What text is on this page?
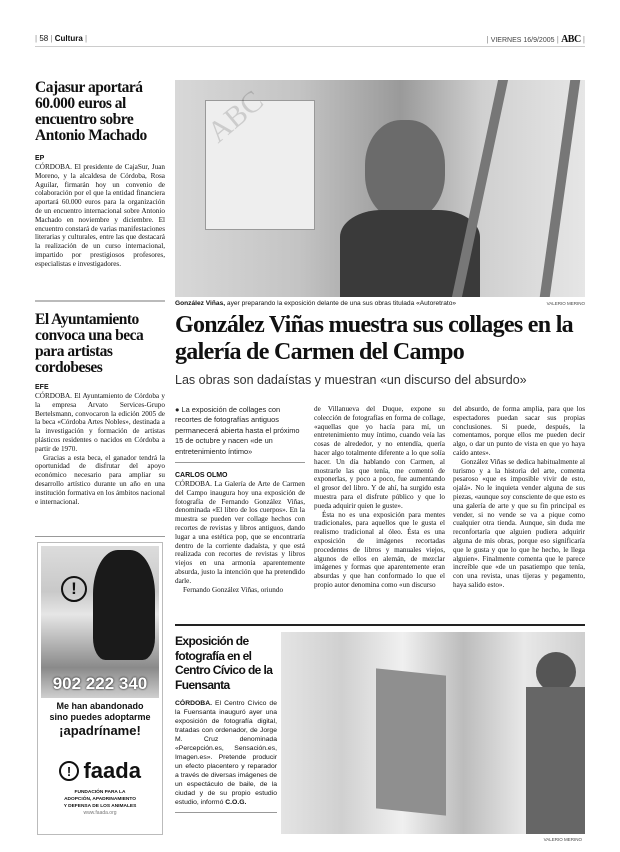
| 58 | Cultura |	| VIERNES 16/9/2005 | ABC |
Cajasur aportará 60.000 euros al encuentro sobre Antonio Machado
EP

CÓRDOBA. El presidente de CajaSur, Juan Moreno, y la alcaldesa de Córdoba, Rosa Aguilar, firmarán hoy un convenio de colaboración por el que la entidad financiera aportará 60.000 euros para la organización de un encuentro internacional sobre Antonio Machado en noviembre y diciembre. El encuentro constará de varias manifestaciones literarias y culturales, entre las que destacará la realización de un curso internacional, impartido por prestigiosos profesores, especialistas e investigadores.

El Ayuntamiento convoca una beca para artistas cordobeses
EFE

CÓRDOBA. El Ayuntamiento de Córdoba y la empresa Arvato Services-Grupo Bertelsmann, convocaron la edición 2005 de la beca «Córdoba Artes Nobles», destinada a la investigación y formación de artistas plásticos residentes o nacidos en Córdoba a partir de 1970.

Gracias a esta beca, el ganador tendrá la oportunidad de disfrutar del apoyo económico necesario para ampliar su desarrollo artístico durante un año en una institución formativa en los ámbitos nacional e internacional.

!
902 222 340
Me han abandonado
sino puedes adoptarme
¡apadríname!
! faada
FUNDACIÓN PARA LA
ADOPCIÓN, APADRINAMIENTO
Y DEFENSA DE LOS ANIMALES
www.faada.org
González Viñas, ayer preparando la exposición delante de una sus obras titulada «Autoretrato»	VALERIO MERINO
González Viñas muestra sus collages en la galería de Carmen del Campo
Las obras son dadaístas y muestran «un discurso del absurdo»
● La exposición de collages con recortes de fotografías antiguos permanecerá abierta hasta el próximo 15 de octubre y nacen «de un entretenimiento íntimo»
CARLOS OLMO

CÓRDOBA. La Galería de Arte de Carmen del Campo inaugura hoy una exposición de fotografía de Fernando González Viñas, denominada «El libro de los cuerpos». En la muestra se pueden ver collage hechos con recortes de revistas y libros antiguos, dando lugar a una estética pop, que se encontraría dentro de la corriente dadaísta, y que está realizada con recortes de revistas y libros viejos en una armonía aparentemente absurda, justo la intención que ha pretendido darle.

Fernando González Viñas, oriundo

de Villanueva del Duque, expone su colección de fotografías en forma de collage, «aquellas que yo hacía para mí, un entretenimiento muy íntimo, cuando veía las cosas de alrededor, y no entendía, quería hacer algo totalmente diferente a lo que solía hacer. Un día hablando con Carmen, al mostrarle las que tenía, me comentó de exponerlas, y poco a poco, fue aumentando el grosor del libro. Y de ahí, ha surgido esta muestra para el disfrute público y que lo pueda adquirir quien le guste».

Ésta no es una exposición para mentes tradicionales, para aquellos que le gusta el realismo tradicional al óleo. Ésta es una exposición de imágenes recortadas procedentes de libros y manuales viejos, algunos de ellos en alemán, de mezclar imágenes y formas que aparentemente eran absurdas y que han conformado lo que el propio autor denomina como «un discurso

del absurdo, de forma amplia, para que los espectadores puedan sacar sus propias conclusiones. Si puede, después, la comentamos, porque ellos me pueden decir algo, o dar un punto de vista en que yo haya caído antes».

González Viñas se dedica habitualmente al turismo y a la historia del arte, comenta pesaroso «que es imposible vivir de esto, ojalá». No le inquieta vender alguna de sus piezas, «aunque soy consciente de que esto es una galería de arte y que su fin principal es vender, si no vende se va a pique como cualquier otra tienda. Aunque, sin duda me reconfortaría que alguien pudiera adquirir alguna de mis obras, porque eso significaría que le gusta y que lo que he hecho, le llega alguien». Finalmente comenta que le parece increíble que «de un pasatiempo que tenía, con una revista, unas tijeras y pegamento, haya salido esto».

Exposición de fotografía en el Centro Cívico de la Fuensanta
CÓRDOBA. El Centro Cívico de la Fuensanta inauguró ayer una exposición de fotografía digital, tratadas con ordenador, de Jorge M. Cruz denominada «Percepción.es, Sensación.es, Imagen.es». Pretende producir un efecto placentero y reparador a través de diversas imágenes de un espectáculo de baile, de la ciudad y de su propio estudio estudio, informó C.O.G.
VALERIO MERINO
